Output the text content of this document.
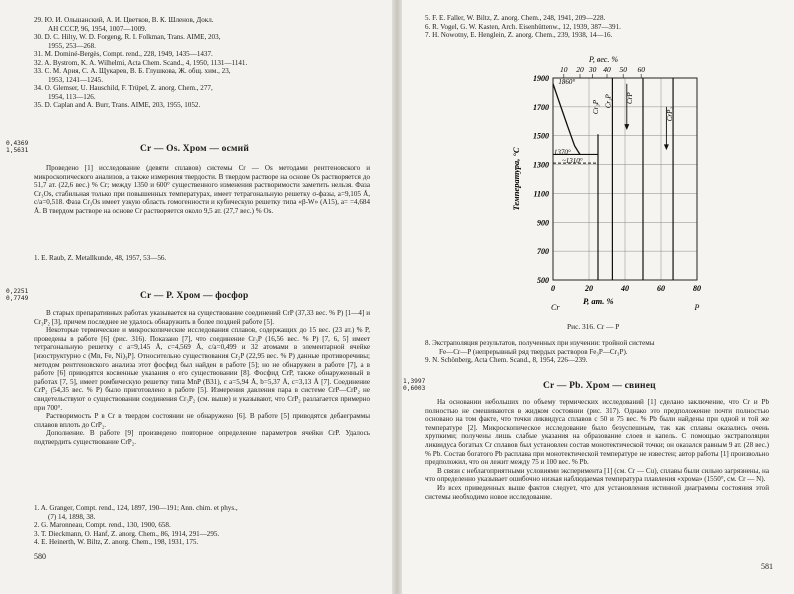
29. Ю. И. Ольшанский, А. И. Цветков, В. К. Шленов, Докл.
АН СССР, 96, 1954, 1007—1009.
30. D. C. Hilty, W. D. Forgeng, R. I. Folkman, Trans. AIME, 203,
1955, 253—268.
31. M. Dominé-Bergès, Compt. rend., 228, 1949, 1435—1437.
32. A. Bystrom, K. A. Wilhelmi, Acta Chem. Scand., 4, 1950, 1131—1141.
33. С. М. Ария, С. А. Щукарев, В. Б. Глушкова, Ж. общ. хим., 23,
1953, 1241—1245.
34. O. Glemser, U. Hauschild, F. Trüpel, Z. anorg. Chem., 277,
1954, 113—126.
35. D. Caplan and A. Burr, Trans. AIME, 203, 1955, 1052.
0,4369
1,5631	Cr — Os. Хром — осмий

Проведено [1] исследование (девяти сплавов) системы Cr — Os методами рентгеновского и микроскопического анализов, а также измерения твердости. В твердом растворе на основе Os растворяется до 51,7 ат. (22,6 вес.) % Cr; между 1350 и 600° существенного изменения растворимости заметить нельзя. Фаза Cr₃Os, стабильная только при повышенных температурах, имеет тетрагональную решетку σ-фазы, a=9,105 Å, c/a=0,518. Фаза Cr₃Os имеет узкую область гомогенности и кубическую решетку типа «β-W» (A15), a= =4,684 Å. В твердом растворе на основе Cr растворяется около 9,5 ат. (27,7 вес.) % Os.

1. E. Raub, Z. Metallkunde, 48, 1957, 53—56.
0,2251
0,7749	Cr — P. Хром — фосфор

В старых препаративных работах указывается на существование соединений CrP (37,33 вес. % P) [1—4] и Cr₃P₂ [3], причем последнее не удалось обнаружить в более поздней работе [5].

Некоторые термические и микроскопические исследования сплавов, содержащих до 15 вес. (23 ат.) % P, проведены в работе [6] (рис. 316). Показано [7], что соединение Cr₃P (16,56 вес. % P) [7, 6, 5] имеет тетрагональную решетку с a=9,145 Å, c=4,569 Å, c/a=0,499 и 32 атомами в элементарной ячейке [изоструктурно с (Mn, Fe, Ni)₃P]. Относительно существования Cr₂P (22,95 вес. % P) данные противоречивы; методом рентгеновского анализа этот фосфид был найден в работе [5]; но не обнаружен в работе [7], а в работе [6] приводятся косвенные указания о его существовании [8]. Фосфид CrP, также обнаруженный в работах [7, 5], имеет ромбическую решетку типа MnP (B31), с a=5,94 Å, b=5,37 Å, c=3,13 Å [7]. Соединение CrP₂ (54,35 вес. % P) было приготовлено в работе [5]. Измерения давления пара в системе CrP—CrP₂ не свидетельствуют о существовании соединения Cr₃P₂ (см. выше) и указывают, что CrP₂ разлагается примерно при 700°.

Растворимость P в Cr в твердом состоянии не обнаружено [6]. В работе [5] приводятся дебаеграммы сплавов вплоть до CrP₂.

Дополнение. В работе [9] произведено повторное определение параметров ячейки CrP. Удалось подтвердить существование CrP₂.

1. A. Granger, Compt. rend., 124, 1897, 190—191; Ann. chim. et phys.,
(7) 14, 1898, 38.
2. G. Maronneau, Compt. rend., 130, 1900, 658.
3. T. Dieckmann, O. Hanf, Z. anorg. Chem., 86, 1914, 291—295.
4. E. Heinerth, W. Biltz, Z. anorg. Chem., 198, 1931, 175.
580
5. F. E. Faller, W. Biltz, Z. anorg. Chem., 248, 1941, 209—228.
6. R. Vogel, G. W. Kasten, Arch. Eisenhüttenw., 12, 1939, 387—391.
7. H. Nowotny, E. Henglein, Z. anorg. Chem., 239, 1938, 14—16.
500
700
900
1100
1300
1500
1700
1900
0	20	40	60	80
10 20 30 40 50 60
P, вес. %
P, ат. %
Cr	P
Температура, °C
1860°
1370°
~1310°
Cr₃P Cr₂P CrP
CrP₂
Рис. 316. Cr — P
8. Экстраполяция результатов, полученных при изучении: тройной системы
Fe—Cr—P (непрерывный ряд твердых растворов Fe₃P—Cr₃P).
9. N. Schönberg, Acta Chem. Scand., 8, 1954, 226—239.
1,3997
0,6003	Cr — Pb. Хром — свинец

На основании небольших по объему термических исследований [1] сделано заключение, что Cr и Pb полностью не смешиваются в жидком состоянии (рис. 317). Однако это предположение почти полностью основано на том факте, что точки ликвидуса сплавов с 50 и 75 вес. % Pb были найдены при одной и той же температуре [2]. Микроскопическое исследование было безуспешным, так как сплавы оказались очень хрупкими; получены лишь слабые указания на образование слоев и капель. С помощью экстраполяции ликвидуса богатых Cr сплавов был установлен состав монотектической точки; он оказался равным 9 ат. (28 вес.) % Pb. Состав богатого Pb расплава при монотектической температуре не известен; автор работы [1] произвольно предположил, что он лежит между 75 и 100 вес. % Pb.

В связи с неблагоприятными условиями эксперимента [1] (см. Cr — Cu), сплавы были сильно загрязнены, на что определенно указывает ошибочно низкая наблюдаемая температура плавления «хрома» (1550°, см. Cr — N).

Из всех приведенных выше фактов следует, что для установления истинной диаграммы состояния этой системы необходимо новое исследование.

581
